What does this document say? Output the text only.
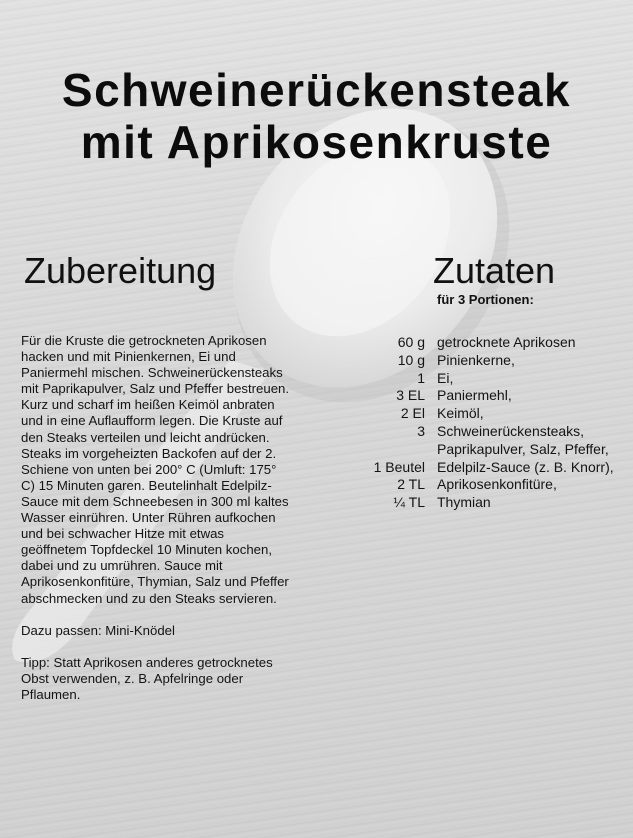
Schweinerückensteak
mit Aprikosenkruste
Zubereitung	Zutaten
für 3 Portionen:

Für die Kruste die getrockneten Aprikosen hacken und mit Pinienkernen, Ei und Paniermehl mischen. Schweinerückensteaks mit Paprikapulver, Salz und Pfeffer bestreuen. Kurz und scharf im heißen Keimöl anbraten und in eine Auflaufform legen. Die Kruste auf den Steaks verteilen und leicht andrücken. Steaks im vorgeheizten Backofen auf der 2. Schiene von unten bei 200° C (Umluft: 175° C) 15 Minuten garen. Beutelinhalt Edelpilz-Sauce mit dem Schneebesen in 300 ml kaltes Wasser einrühren. Unter Rühren aufkochen und bei schwacher Hitze mit etwas geöffnetem Topfdeckel 10 Minuten kochen, dabei und zu umrühren. Sauce mit Aprikosenkonfitüre, Thymian, Salz und Pfeffer abschmecken und zu den Steaks servieren.

Dazu passen: Mini-Knödel

Tipp: Statt Aprikosen anderes getrocknetes Obst verwenden, z. B. Apfelringe oder Pflaumen.

60 g getrocknete Aprikosen
10 g Pinienkerne,
1 Ei,
3 EL Paniermehl,
2 El Keimöl,
3 Schweinerückensteaks, Paprikapulver, Salz, Pfeffer,
1 Beutel Edelpilz-Sauce (z. B. Knorr),
2 TL Aprikosenkonfitüre,
¼ TL Thymian
